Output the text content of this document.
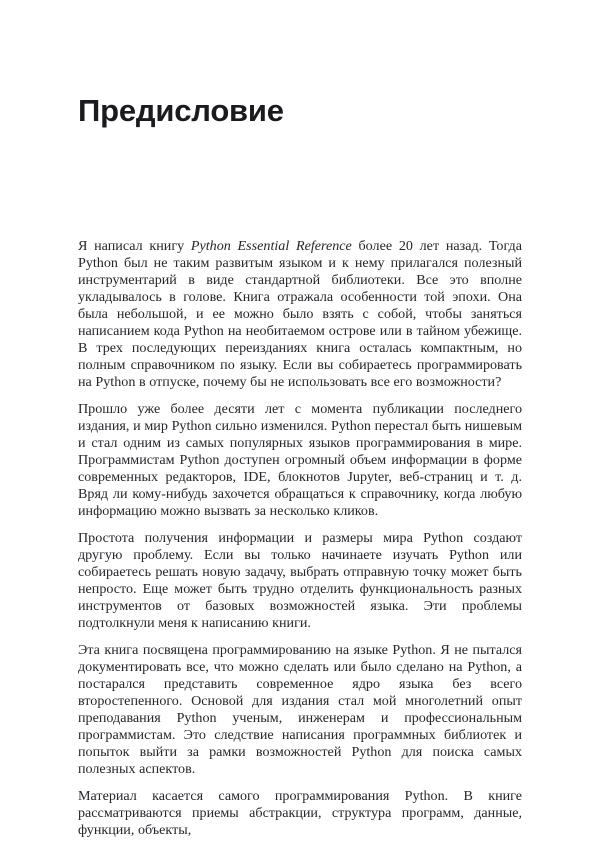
Предисловие

Я написал книгу Python Essential Reference более 20 лет назад. Тогда Python был не таким развитым языком и к нему прилагался полезный инструментарий в виде стандартной библиотеки. Все это вполне укладывалось в голове. Книга отражала особенности той эпохи. Она была небольшой, и ее можно было взять с собой, чтобы заняться написанием кода Python на необитаемом острове или в тайном убежище. В трех последующих переизданиях книга осталась компактным, но полным справочником по языку. Если вы собираетесь программировать на Python в отпуске, почему бы не использовать все его возможности?

Прошло уже более десяти лет с момента публикации последнего издания, и мир Python сильно изменился. Python перестал быть нишевым и стал одним из самых популярных языков программирования в мире. Программистам Python доступен огромный объем информации в форме современных редакторов, IDE, блокнотов Jupyter, веб-страниц и т. д. Вряд ли кому-нибудь захочется обращаться к справочнику, когда любую информацию можно вызвать за несколько кликов.

Простота получения информации и размеры мира Python создают другую проблему. Если вы только начинаете изучать Python или собираетесь решать новую задачу, выбрать отправную точку может быть непросто. Еще может быть трудно отделить функциональность разных инструментов от базовых возможностей языка. Эти проблемы подтолкнули меня к написанию книги.

Эта книга посвящена программированию на языке Python. Я не пытался документировать все, что можно сделать или было сделано на Python, а постарался представить современное ядро языка без всего второстепенного. Основой для издания стал мой многолетний опыт преподавания Python ученым, инженерам и профессиональным программистам. Это следствие написания программных библиотек и попыток выйти за рамки возможностей Python для поиска самых полезных аспектов.

Материал касается самого программирования Python. В книге рассматриваются приемы абстракции, структура программ, данные, функции, объекты,
